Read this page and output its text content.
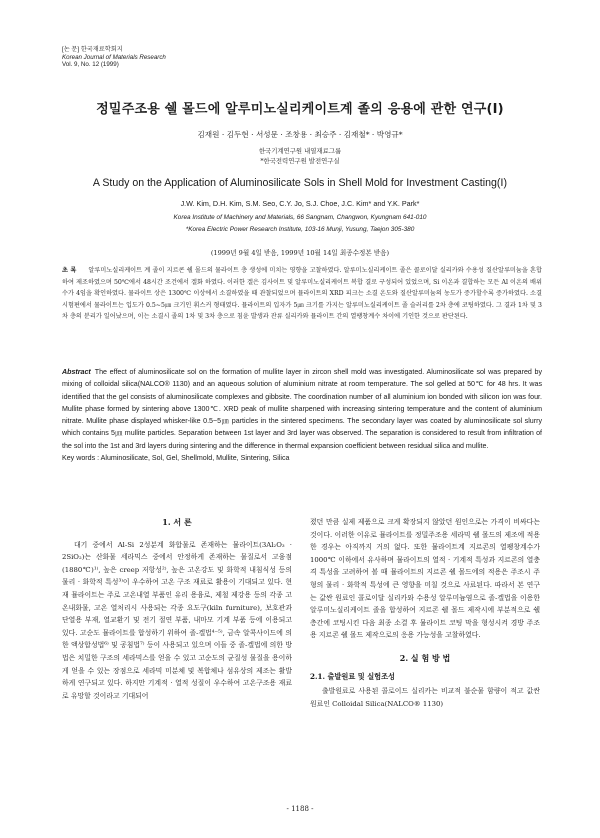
[논 문] 한국재료학회지
Korean Journal of Materials Research
Vol. 9, No. 12 (1999)
정밀주조용 쉘 몰드에 알루미노실리케이트계 졸의 응용에 관한 연구(Ⅰ)
김재원 · 김두현 · 서성문 · 조창용 · 최승주 · 김재철* · 박영규*
한국기계연구원 내열재료그룹
*한국전력연구원 발전연구실
A Study on the Application of Aluminosilicate Sols in Shell Mold for Investment Casting(Ⅰ)
J.W. Kim, D.H. Kim, S.M. Seo, C.Y. Jo, S.J. Choe, J.C. Kim* and Y.K. Park*
Korea Institute of Machinery and Materials, 66 Sangnam, Changwon, Kyungnam 641-010
*Korea Electric Power Research Institute, 103-16 Munji, Yusung, Taejon 305-380
(1999년 9월 4일 받음, 1999년 10월 14일 최종수정본 받음)
초 록 알루미노실리케이트 계 졸이 지르콘 쉘 몰드의 뮬라이트 층 생성에 미치는 영향을 고찰하였다. 알루미노실리케이트 졸은 콜로이달 실리카와 수용성 질산알루미늄을 혼합하여 제조하였으며 50℃에서 48시간 조건에서 겔화 하였다. 이러한 겔은 김사이트 및 알루미노실리케이트 복합 결로 구성되어 있었으며, Si 이온과 결합하는 모든 Al 이온의 배위수가 4임을 확인하였다. 뮬라이트 상은 1300℃ 이상에서 소결하였을 때 관찰되었으며 뮬라이트의 XRD 피크는 소결 온도와 질산알루미늄의 농도가 증가할수록 증가하였다. 소결 시험편에서 뮬라이트는 입도가 0.5~5㎛ 크기인 휘스커 형태였다. 뮬라이트의 입자가 5㎛ 크기를 가지는 알루미노실리케이트 졸 슬러리를 2차 층에 코팅하였다. 그 결과 1차 및 3차 층의 분리가 일어났으며, 이는 소결시 졸의 1차 및 3차 층으로 침윤 발생과 잔류 실리카와 뮬라이트 간의 열팽창계수 차이에 기인한 것으로 판단된다.
Abstract The effect of aluminosilicate sol on the formation of mullite layer in zircon shell mold was investigated. Aluminosilicate sol was prepared by mixing of colloidal silica(NALCO® 1130) and an aqueous solution of aluminium nitrate at room temperature. The sol gelled at 50℃ for 48 hrs. It was identified that the gel consists of aluminosilicate complexes and gibbsite. The coordination number of all aluminium ion bonded with silicon ion was four. Mullite phase formed by sintering above 1300℃. XRD peak of mullite sharpened with increasing sintering temperature and the content of aluminium nitrate. Mullite phase displayed whisker-like 0.5~5㎛ particles in the sintered specimens. The secondary layer was coated by aluminosilicate sol slurry which contains 5㎛ mullite particles. Separation between 1st layer and 3rd layer was observed. The separation is considered to result from infiltration of the sol into the 1st and 3rd layers during sintering and the difference in thermal expansion coefficient between residual silica and mullite.
Key words : Aluminosilicate, Sol, Gel, Shellmold, Mullite, Sintering, Silica
1. 서 론

대기 중에서 Al-Si 2성분계 화합물로 존재하는 뮬라이트(3Al₂O₃ · 2SiO₂)는 산화물 세라믹스 중에서 안정하게 존재하는 물질로서 고융점(1880℃)¹⁾, 높은 creep 저항성²⁾, 높은 고온강도 및 화학적 내침식성 등의 물리 · 화학적 특성³⁾이 우수하여 고온 구조 재료로 활용이 기대되고 있다. 현재 뮬라이트는 주로 고온내열 부품인 유리 용융로, 제철 제강용 등의 각종 고온내화물, 고온 열처리시 사용되는 각종 요도구(kiln furniture), 보호관과 단열용 부재, 열교환기 및 전기 절연 부품, 내마모 기계 부품 등에 이용되고 있다. 고순도 뮬라이트를 합성하기 위하여 졸-겔법⁴⁻⁵⁾, 금속 알콕사이드에 의한 액상합성법⁶⁾ 및 공침법⁷⁾ 등이 사용되고 있으며 이들 중 졸-겔법에 의한 방법은 치밀한 구조의 세라믹스를 얻을 수 있고 고순도의 균질성 물질을 용이하게 얻을 수 있는 장점으로 세라믹 미분체 및 복합체나 섬유상의 제조는 활발하게 연구되고 있다. 하지만 기계적 · 열적 성질이 우수하여 고온구조용 재료로 유망할 것이라고 기대되어

졌던 만큼 실제 제품으로 크게 확장되지 않았던 원인으로는 가격이 비싸다는 것이다. 이러한 이유로 뮬라이트를 정밀주조용 세라믹 쉘 몰드의 제조에 적용한 경우는 아직까지 거의 없다. 또한 뮬라이트계 지르콘의 열팽창계수가 1000℃ 이하에서 유사하며 뮬라이트의 열적 · 기계적 특성과 지르콘의 열충격 특성을 고려하여 볼 때 뮬라이트의 지르콘 쉘 몰드에의 적용은 주조시 주형의 물리 · 화학적 특성에 큰 영향을 미칠 것으로 사료된다. 따라서 본 연구는 값싼 원료인 콜로이달 실리카와 수용성 알루미늄염으로 졸-겔법을 이용한 알루미노실리케이트 졸을 합성하여 지르콘 쉘 몰드 제작시에 부분적으로 쉘 층간에 코팅시킨 다음 최종 소결 후 뮬라이트 코팅 막을 형성시켜 경방 주조용 지르콘 쉘 몰드 제작으로의 응용 가능성을 고찰하였다.

2. 실 험 방 법
2.1. 출발원료 및 실험조성

출발원료로 사용된 콜로이드 실리카는 비교적 불순물 함량이 적고 값싼 원료인 Colloidal Silica(NALCO® 1130)

- 1188 -
